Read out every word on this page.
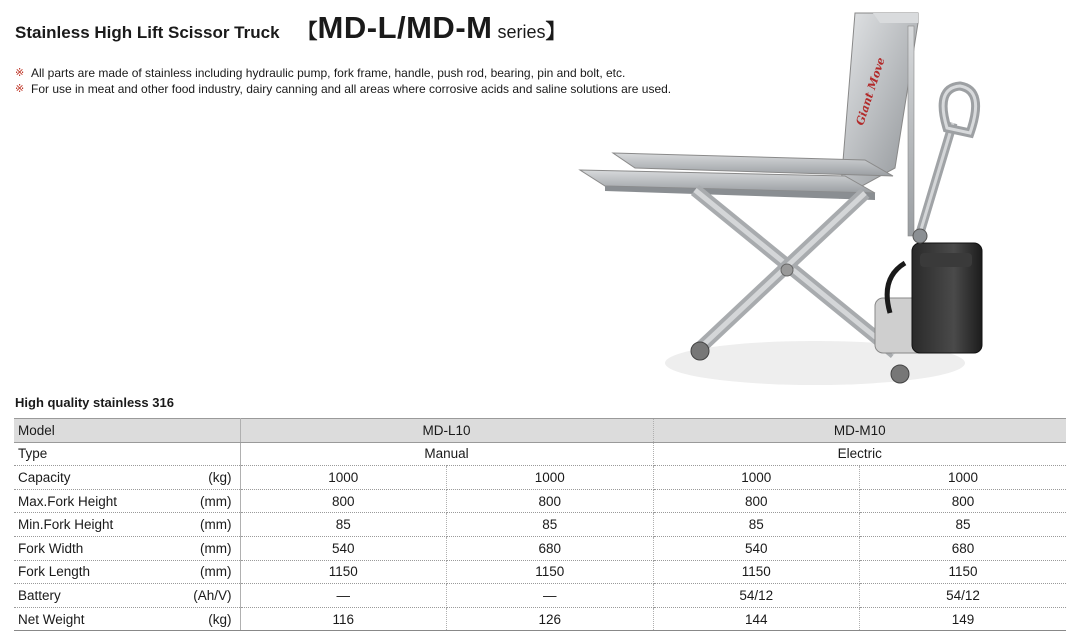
Stainless High Lift Scissor Truck 【 MD-L/MD-M series 】
※ All parts are made of stainless including hydraulic pump, fork frame, handle, push rod, bearing, pin and bolt, etc.
※ For use in meat and other food industry, dairy canning and all areas where corrosive acids and saline solutions are used.	Giant Move
High quality stainless 316
Model	MD-L10		MD-M10	

Type	Manual		Electric	

Capacity (kg)	1000	1000	1000	1000

Max.Fork Height (mm)	800	800	800	800

Min.Fork Height (mm)	85	85	85	85

Fork Width (mm)	540	680	540	680

Fork Length (mm)	1150	1150	1150	1150

Battery (Ah/V)	—	—	54/12	54/12

Net Weight (kg)	116	126	144	149
